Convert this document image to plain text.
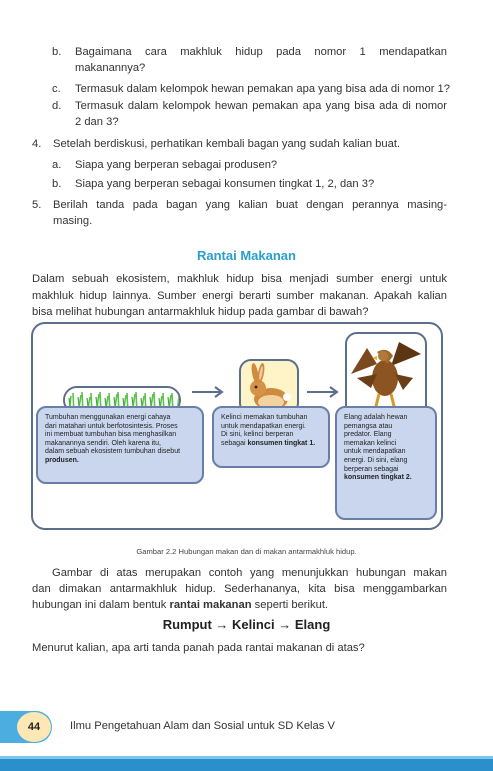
b. Bagaimana cara makhluk hidup pada nomor 1 mendapatkan
makanannya?
c. Termasuk dalam kelompok hewan pemakan apa yang bisa ada di nomor 1?
d. Termasuk dalam kelompok hewan pemakan apa yang bisa ada di nomor
2 dan 3?
4. Setelah berdiskusi, perhatikan kembali bagan yang sudah kalian buat.
a. Siapa yang berperan sebagai produsen?
b. Siapa yang berperan sebagai konsumen tingkat 1, 2, dan 3?
5. Berilah tanda pada bagan yang kalian buat dengan perannya masing-
masing.
Rantai Makanan
Dalam sebuah ekosistem, makhluk hidup bisa menjadi sumber energi untuk
makhluk hidup lainnya. Sumber energi berarti sumber makanan. Apakah kalian
bisa melihat hubungan antarmakhluk hidup pada gambar di bawah?
Tumbuhan menggunakan energi cahaya
dari matahari untuk berfotosintesis. Proses
ini membuat tumbuhan bisa menghasilkan
makanannya sendiri. Oleh karena itu,
dalam sebuah ekosistem tumbuhan disebut
produsen.
Kelinci memakan tumbuhan
untuk mendapatkan energi.
Di sini, kelinci berperan
sebagai konsumen tingkat 1.
Elang adalah hewan
pemangsa atau
predator. Elang
memakan kelinci
untuk mendapatkan
energi. Di sini, elang
berperan sebagai
konsumen tingkat 2.
Gambar 2.2 Hubungan makan dan di makan antarmakhluk hidup.
Gambar di atas merupakan contoh yang menunjukkan hubungan makan
dan dimakan antarmakhluk hidup. Sederhananya, kita bisa menggambarkan
hubungan ini dalam bentuk rantai makanan seperti berikut.
Rumput → Kelinci → Elang
Menurut kalian, apa arti tanda panah pada rantai makanan di atas?
44	Ilmu Pengetahuan Alam dan Sosial untuk SD Kelas V
